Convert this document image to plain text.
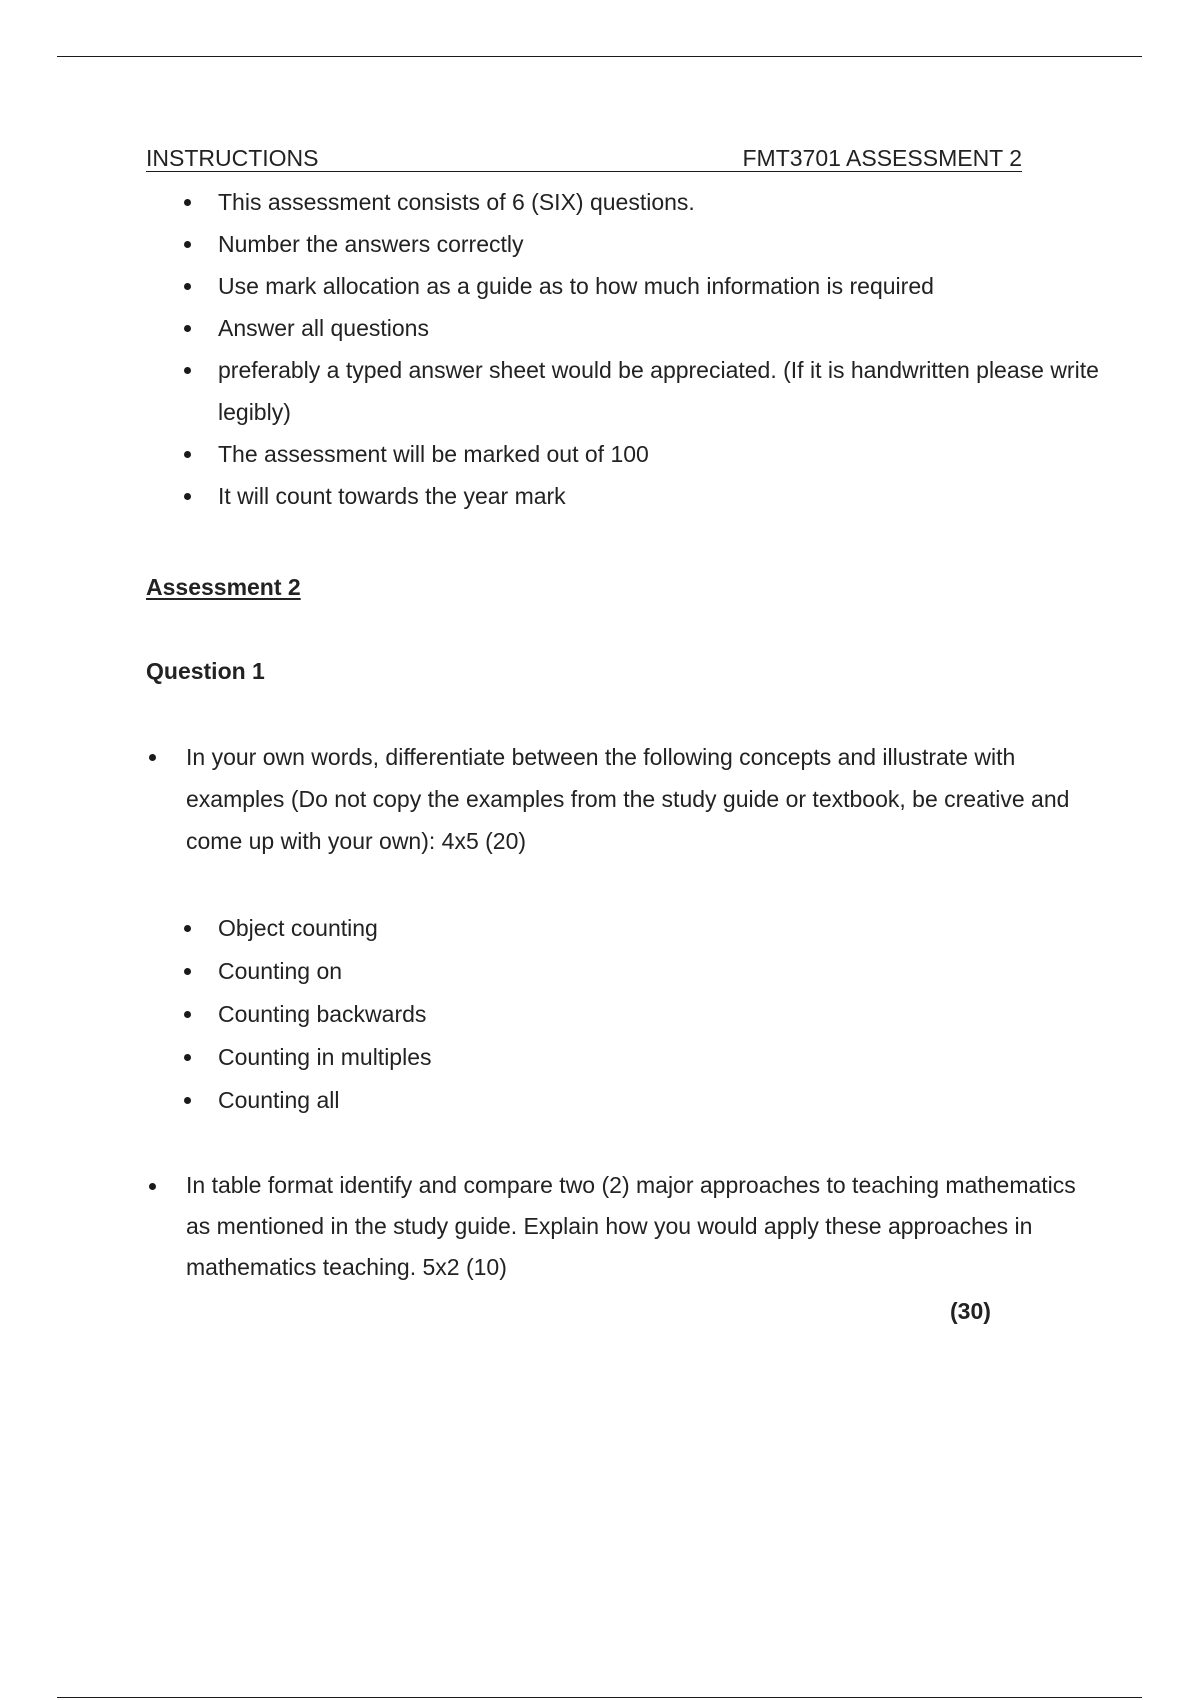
INSTRUCTIONS	FMT3701 ASSESSMENT 2
This assessment consists of 6 (SIX) questions.
Number the answers correctly
Use mark allocation as a guide as to how much information is required
Answer all questions
preferably a typed answer sheet would be appreciated. (If it is handwritten please write legibly)
The assessment will be marked out of 100
It will count towards the year mark
Assessment 2
Question 1
In your own words, differentiate between the following concepts and illustrate with examples (Do not copy the examples from the study guide or textbook, be creative and come up with your own): 4x5 (20)
Object counting
Counting on
Counting backwards
Counting in multiples
Counting all
In table format identify and compare two (2) major approaches to teaching mathematics as mentioned in the study guide. Explain how you would apply these approaches in mathematics teaching. 5x2 (10)
(30)
